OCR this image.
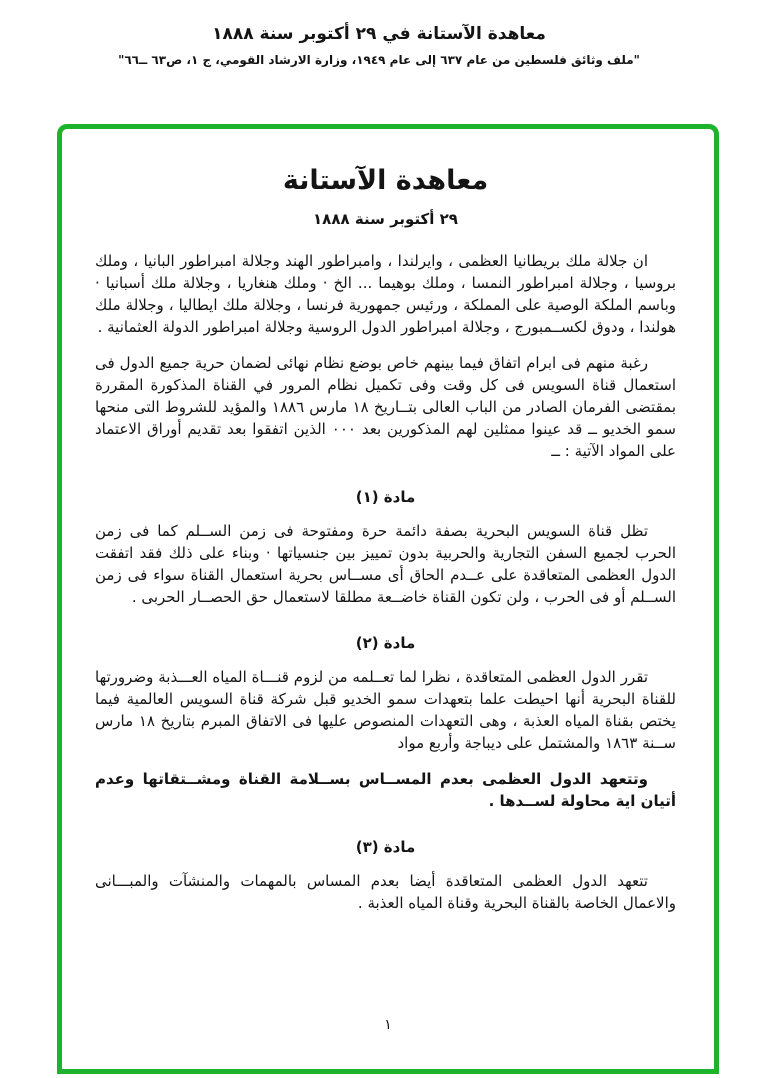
معاهدة الآستانة في ٢٩ أكتوبر سنة ١٨٨٨
"ملف وثائق فلسطين من عام ٦٣٧ إلى عام ١٩٤٩، وزارة الارشاد القومي، ج ١، ص٦٣ ــ٦٦"
معاهدة الآستانة
٢٩ أكتوبر سنة ١٨٨٨

ان جلالة ملك بريطانيا العظمى ، وايرلندا ، وامبراطور الهند وجلالة امبراطور البانيا ، وملك بروسيا ، وجلالة امبراطور النمسا ، وملك بوهيما ... الخ · وملك هنغاريا ، وجلالة ملك أسبانيا · وباسم الملكة الوصية على المملكة ، ورئيس جمهورية فرنسا ، وجلالة ملك ايطاليا ، وجلالة ملك هولندا ، ودوق لكســمبورج ، وجلالة امبراطور الدول الروسية وجلالة امبراطور الدولة العثمانية .

رغبة منهم فى ابرام اتفاق فيما بينهم خاص بوضع نظام نهائى لضمان حرية جميع الدول فى استعمال قناة السويس فى كل وقت وفى تكميل نظام المرور في القناة المذكورة المقررة بمقتضى الفرمان الصادر من الباب العالى بتــاريخ ١٨ مارس ١٨٨٦ والمؤيد للشروط التى منحها سمو الخديو ــ قد عينوا ممثلين لهم المذكورين بعد ٠٠٠ الذين اتفقوا بعد تقديم أوراق الاعتماد على المواد الآتية : ــ

مادة (١)

تظل قناة السويس البحرية بصفة دائمة حرة ومفتوحة فى زمن الســلم كما فى زمن الحرب لجميع السفن التجارية والحربية بدون تمييز بين جنسياتها · وبناء على ذلك فقد اتفقت الدول العظمى المتعاقدة على عــدم الحاق أى مســاس بحرية استعمال القناة سواء فى زمن الســلم أو فى الحرب ، ولن تكون القناة خاضــعة مطلقا لاستعمال حق الحصــار الحربى .

مادة (٢)

تقرر الدول العظمى المتعاقدة ، نظرا لما تعــلمه من لزوم قنـــاة المياه العـــذبة وضرورتها للقناة البحرية أنها احيطت علما بتعهدات سمو الخديو قبل شركة قناة السويس العالمية فيما يختص بقناة المياه العذبة ، وهى التعهدات المنصوص عليها فى الاتفاق المبرم بتاريخ ١٨ مارس ســنة ١٨٦٣ والمشتمل على ديباجة وأربع مواد

وتتعهد الدول العظمى بعدم المســاس بســلامة القناة ومشــتقاتها وعدم أتيان اية محاولة لســدها .

مادة (٣)

تتعهد الدول العظمى المتعاقدة أيضا بعدم المساس بالمهمات والمنشآت والمبـــانى والاعمال الخاصة بالقناة البحرية وقناة المياه العذبة .

١
